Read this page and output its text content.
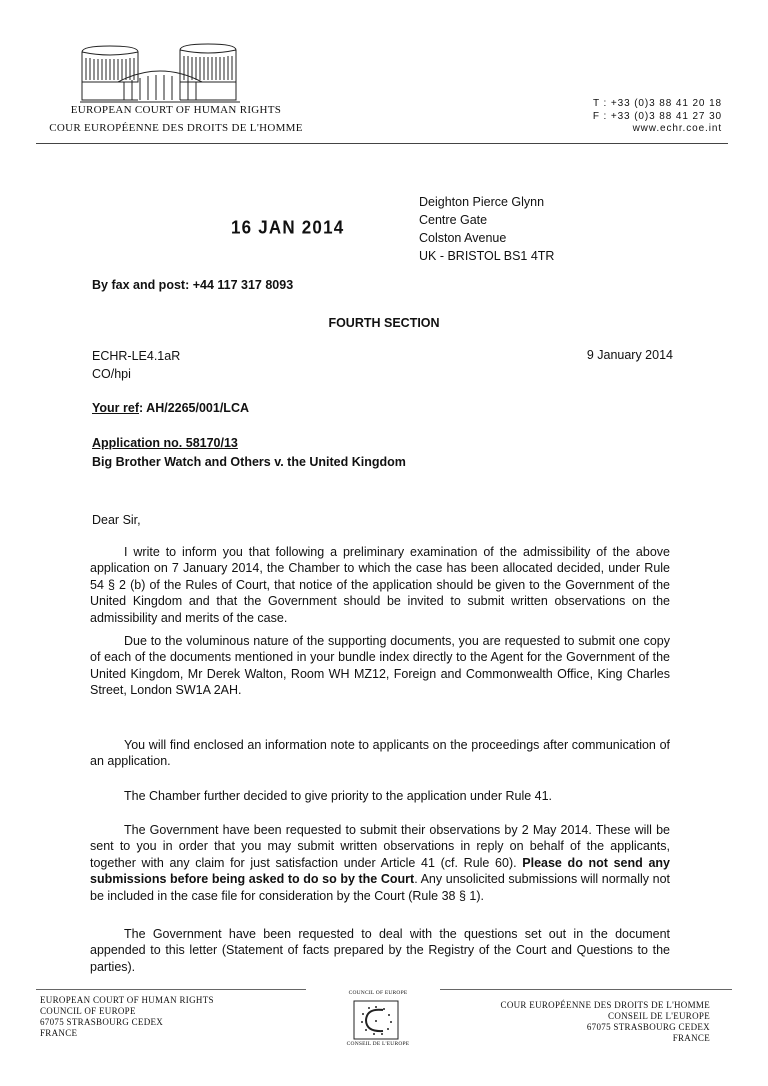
EUROPEAN COURT OF HUMAN RIGHTS
COUR EUROPÉENNE DES DROITS DE L'HOMME
T : +33 (0)3 88 41 20 18
F : +33 (0)3 88 41 27 30
www.echr.coe.int
Deighton Pierce Glynn
Centre Gate
Colston Avenue
UK - BRISTOL BS1 4TR
16 JAN 2014
By fax and post: +44 117 317 8093
FOURTH SECTION
ECHR-LE4.1aR
CO/hpi
9 January 2014
Your ref: AH/2265/001/LCA
Application no. 58170/13
Big Brother Watch and Others v. the United Kingdom
Dear Sir,
I write to inform you that following a preliminary examination of the admissibility of the above application on 7 January 2014, the Chamber to which the case has been allocated decided, under Rule 54 § 2 (b) of the Rules of Court, that notice of the application should be given to the Government of the United Kingdom and that the Government should be invited to submit written observations on the admissibility and merits of the case.
Due to the voluminous nature of the supporting documents, you are requested to submit one copy of each of the documents mentioned in your bundle index directly to the Agent for the Government of the United Kingdom, Mr Derek Walton, Room WH MZ12, Foreign and Commonwealth Office, King Charles Street, London SW1A 2AH.
You will find enclosed an information note to applicants on the proceedings after communication of an application.
The Chamber further decided to give priority to the application under Rule 41.
The Government have been requested to submit their observations by 2 May 2014. These will be sent to you in order that you may submit written observations in reply on behalf of the applicants, together with any claim for just satisfaction under Article 41 (cf. Rule 60). Please do not send any submissions before being asked to do so by the Court. Any unsolicited submissions will normally not be included in the case file for consideration by the Court (Rule 38 § 1).
The Government have been requested to deal with the questions set out in the document appended to this letter (Statement of facts prepared by the Registry of the Court and Questions to the parties).
EUROPEAN COURT OF HUMAN RIGHTS
COUNCIL OF EUROPE
67075 STRASBOURG CEDEX
FRANCE
COUNCIL OF EUROPE
CONSEIL DE L'EUROPE
COUR EUROPÉENNE DES DROITS DE L'HOMME
CONSEIL DE L'EUROPE
67075 STRASBOURG CEDEX
FRANCE
